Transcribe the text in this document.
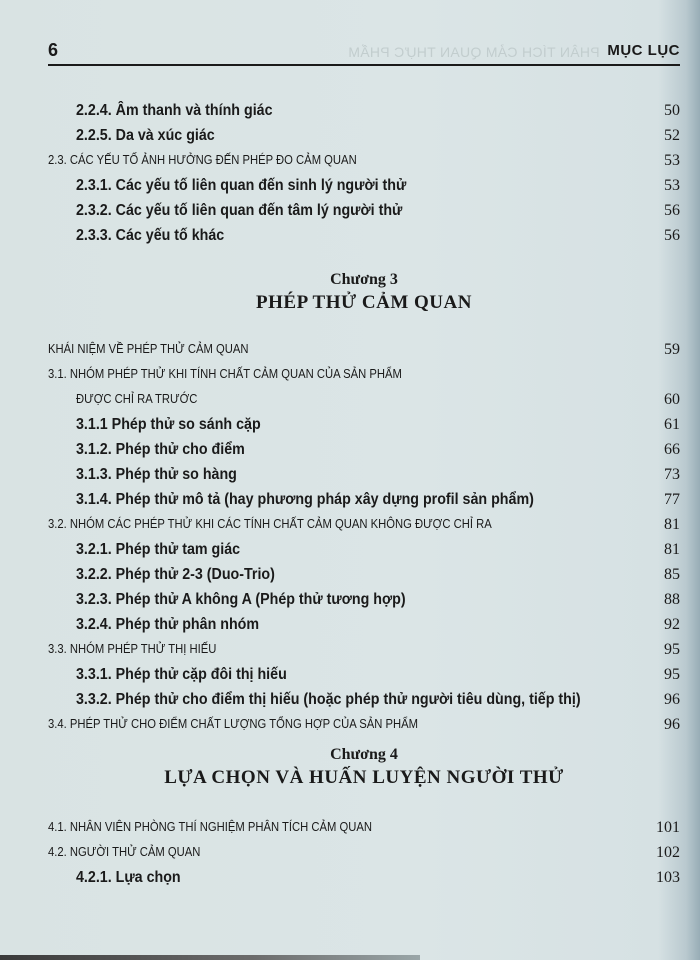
6	PHÂN TÍCH CẢM QUAN THỰC PHẨM MỤC LỤC
2.2.4. Âm thanh và thính giác	50
2.2.5. Da và xúc giác	52
2.3. CÁC YẾU TỐ ẢNH HƯỞNG ĐẾN PHÉP ĐO CẢM QUAN	53
2.3.1. Các yếu tố liên quan đến sinh lý người thử	53
2.3.2. Các yếu tố liên quan đến tâm lý người thử	56
2.3.3. Các yếu tố khác	56
Chương 3
PHÉP THỬ CẢM QUAN
KHÁI NIỆM VỀ PHÉP THỬ CẢM QUAN	59
3.1. NHÓM PHÉP THỬ KHI TÍNH CHẤT CẢM QUAN CỦA SẢN PHẨM
ĐƯỢC CHỈ RA TRƯỚC	60
3.1.1 Phép thử so sánh cặp	61
3.1.2. Phép thử cho điểm	66
3.1.3. Phép thử so hàng	73
3.1.4. Phép thử mô tả (hay phương pháp xây dựng profil sản phẩm)	77
3.2. NHÓM CÁC PHÉP THỬ KHI CÁC TÍNH CHẤT CẢM QUAN KHÔNG ĐƯỢC CHỈ RA	81
3.2.1. Phép thử tam giác	81
3.2.2. Phép thử 2-3 (Duo-Trio)	85
3.2.3. Phép thử A không A (Phép thử tương hợp)	88
3.2.4. Phép thử phân nhóm	92
3.3. NHÓM PHÉP THỬ THỊ HIẾU	95
3.3.1. Phép thử cặp đôi thị hiếu	95
3.3.2. Phép thử cho điểm thị hiếu (hoặc phép thử người tiêu dùng, tiếp thị)	96
3.4. PHÉP THỬ CHO ĐIỂM CHẤT LƯỢNG TỔNG HỢP CỦA SẢN PHẨM	96
Chương 4
LỰA CHỌN VÀ HUẤN LUYỆN NGƯỜI THỬ
4.1. NHÂN VIÊN PHÒNG THÍ NGHIỆM PHÂN TÍCH CẢM QUAN	101
4.2. NGƯỜI THỬ CẢM QUAN	102
4.2.1. Lựa chọn	103
